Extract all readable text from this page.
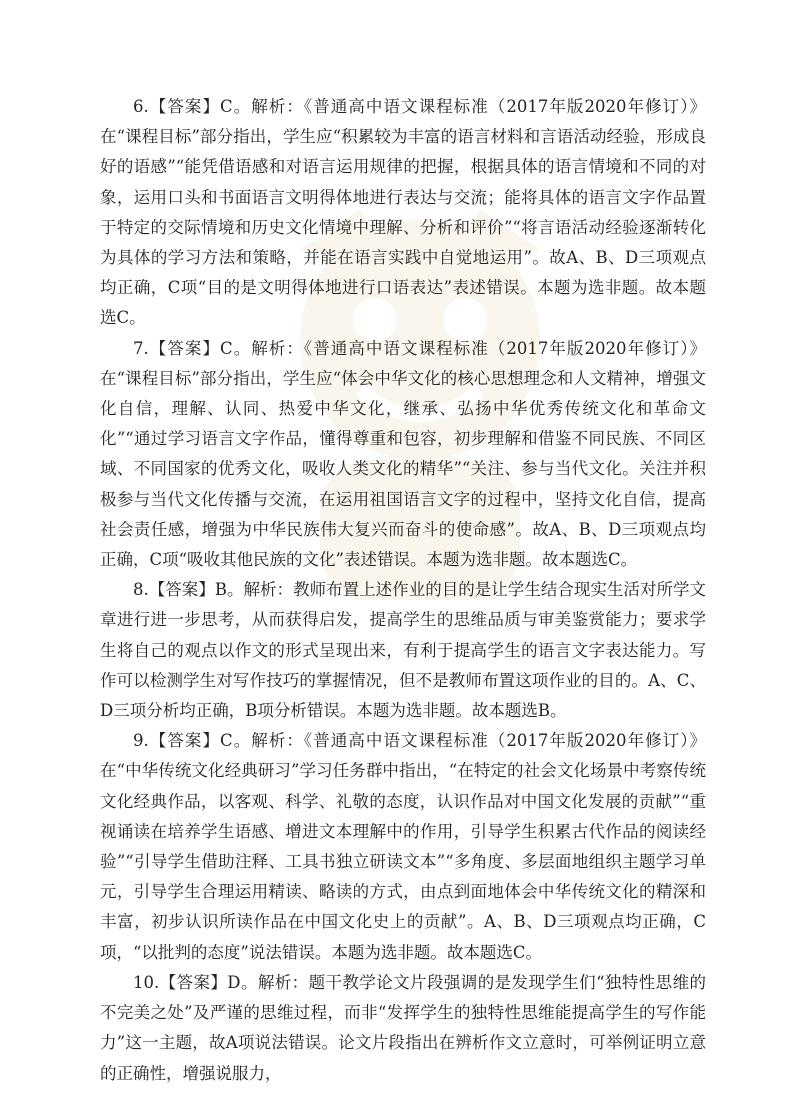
6.【答案】C。解析：《普通高中语文课程标准（2017年版2020年修订）》在“课程目标”部分指出，学生应“积累较为丰富的语言材料和言语活动经验，形成良好的语感”“能凭借语感和对语言运用规律的把握，根据具体的语言情境和不同的对象，运用口头和书面语言文明得体地进行表达与交流；能将具体的语言文字作品置于特定的交际情境和历史文化情境中理解、分析和评价”“将言语活动经验逐渐转化为具体的学习方法和策略，并能在语言实践中自觉地运用”。故A、B、D三项观点均正确，C项“目的是文明得体地进行口语表达”表述错误。本题为选非题。故本题选C。

7.【答案】C。解析：《普通高中语文课程标准（2017年版2020年修订）》在“课程目标”部分指出，学生应“体会中华文化的核心思想理念和人文精神，增强文化自信，理解、认同、热爱中华文化，继承、弘扬中华优秀传统文化和革命文化”“通过学习语言文字作品，懂得尊重和包容，初步理解和借鉴不同民族、不同区域、不同国家的优秀文化，吸收人类文化的精华”“关注、参与当代文化。关注并积极参与当代文化传播与交流，在运用祖国语言文字的过程中，坚持文化自信，提高社会责任感，增强为中华民族伟大复兴而奋斗的使命感”。故A、B、D三项观点均正确，C项“吸收其他民族的文化”表述错误。本题为选非题。故本题选C。

8.【答案】B。解析：教师布置上述作业的目的是让学生结合现实生活对所学文章进行进一步思考，从而获得启发，提高学生的思维品质与审美鉴赏能力；要求学生将自己的观点以作文的形式呈现出来，有利于提高学生的语言文字表达能力。写作可以检测学生对写作技巧的掌握情况，但不是教师布置这项作业的目的。A、C、D三项分析均正确，B项分析错误。本题为选非题。故本题选B。

9.【答案】C。解析：《普通高中语文课程标准（2017年版2020年修订）》在“中华传统文化经典研习”学习任务群中指出，“在特定的社会文化场景中考察传统文化经典作品，以客观、科学、礼敬的态度，认识作品对中国文化发展的贡献”“重视诵读在培养学生语感、增进文本理解中的作用，引导学生积累古代作品的阅读经验”“引导学生借助注释、工具书独立研读文本”“多角度、多层面地组织主题学习单元，引导学生合理运用精读、略读的方式，由点到面地体会中华传统文化的精深和丰富，初步认识所读作品在中国文化史上的贡献”。A、B、D三项观点均正确，C项，“以批判的态度”说法错误。本题为选非题。故本题选C。

10.【答案】D。解析：题干教学论文片段强调的是发现学生们“独特性思维的不完美之处”及严谨的思维过程，而非“发挥学生的独特性思维能提高学生的写作能力”这一主题，故A项说法错误。论文片段指出在辨析作文立意时，可举例证明立意的正确性，增强说服力，
